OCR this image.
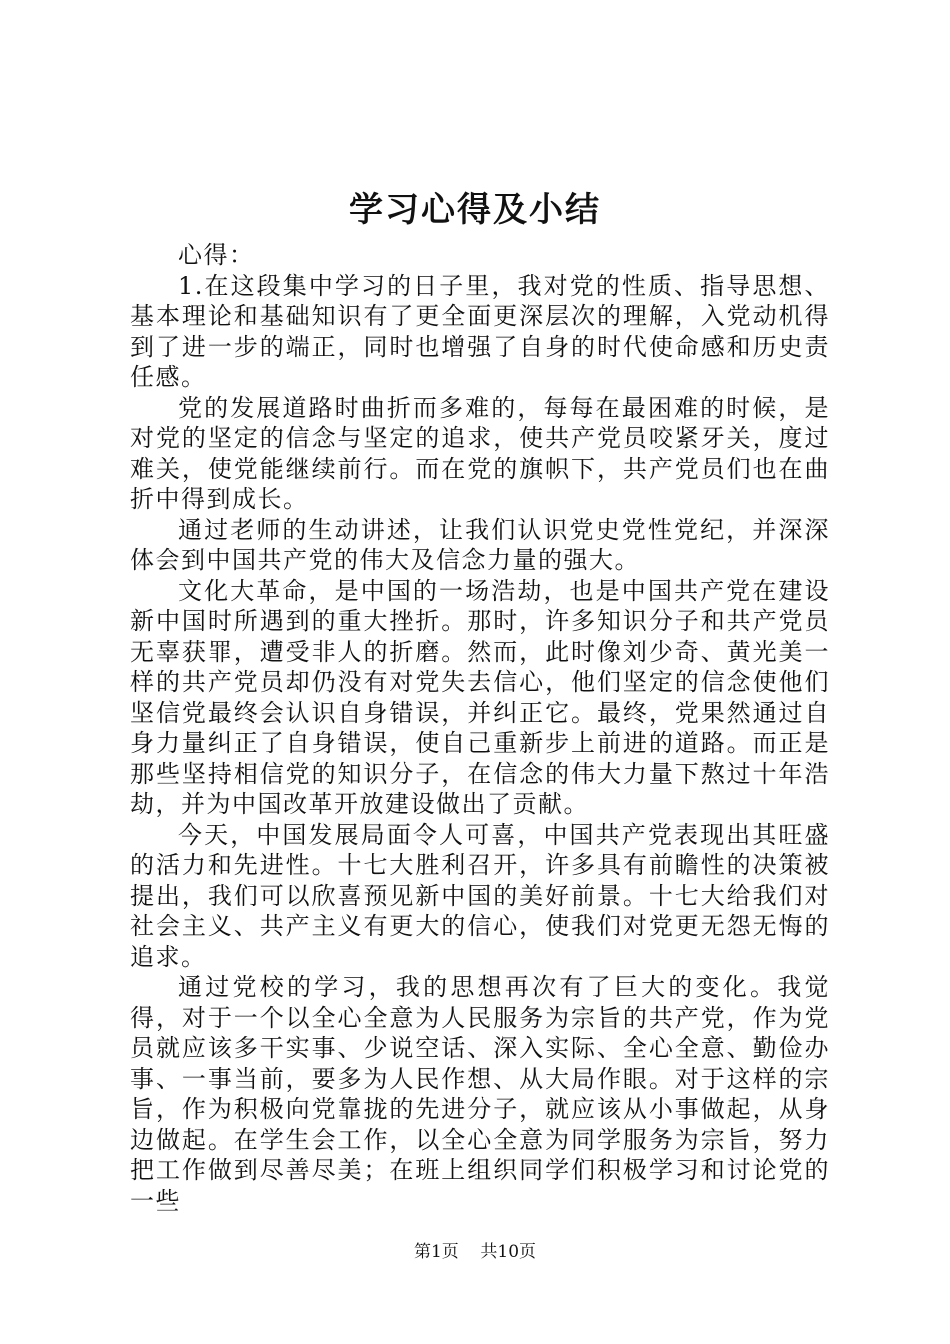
学习心得及小结

心得：

1.在这段集中学习的日子里，我对党的性质、指导思想、基本理论和基础知识有了更全面更深层次的理解，入党动机得到了进一步的端正，同时也增强了自身的时代使命感和历史责任感。

党的发展道路时曲折而多难的，每每在最困难的时候，是对党的坚定的信念与坚定的追求，使共产党员咬紧牙关，度过难关，使党能继续前行。而在党的旗帜下，共产党员们也在曲折中得到成长。

通过老师的生动讲述，让我们认识党史党性党纪，并深深体会到中国共产党的伟大及信念力量的强大。

文化大革命，是中国的一场浩劫，也是中国共产党在建设新中国时所遇到的重大挫折。那时，许多知识分子和共产党员无辜获罪，遭受非人的折磨。然而，此时像刘少奇、黄光美一样的共产党员却仍没有对党失去信心，他们坚定的信念使他们坚信党最终会认识自身错误，并纠正它。最终，党果然通过自身力量纠正了自身错误，使自己重新步上前进的道路。而正是那些坚持相信党的知识分子，在信念的伟大力量下熬过十年浩劫，并为中国改革开放建设做出了贡献。

今天，中国发展局面令人可喜，中国共产党表现出其旺盛的活力和先进性。十七大胜利召开，许多具有前瞻性的决策被提出，我们可以欣喜预见新中国的美好前景。十七大给我们对社会主义、共产主义有更大的信心，使我们对党更无怨无悔的追求。

通过党校的学习，我的思想再次有了巨大的变化。我觉得，对于一个以全心全意为人民服务为宗旨的共产党，作为党员就应该多干实事、少说空话、深入实际、全心全意、勤俭办事、一事当前，要多为人民作想、从大局作眼。对于这样的宗旨，作为积极向党靠拢的先进分子，就应该从小事做起，从身边做起。在学生会工作，以全心全意为同学服务为宗旨，努力把工作做到尽善尽美；在班上组织同学们积极学习和讨论党的一些

第1页 共10页
